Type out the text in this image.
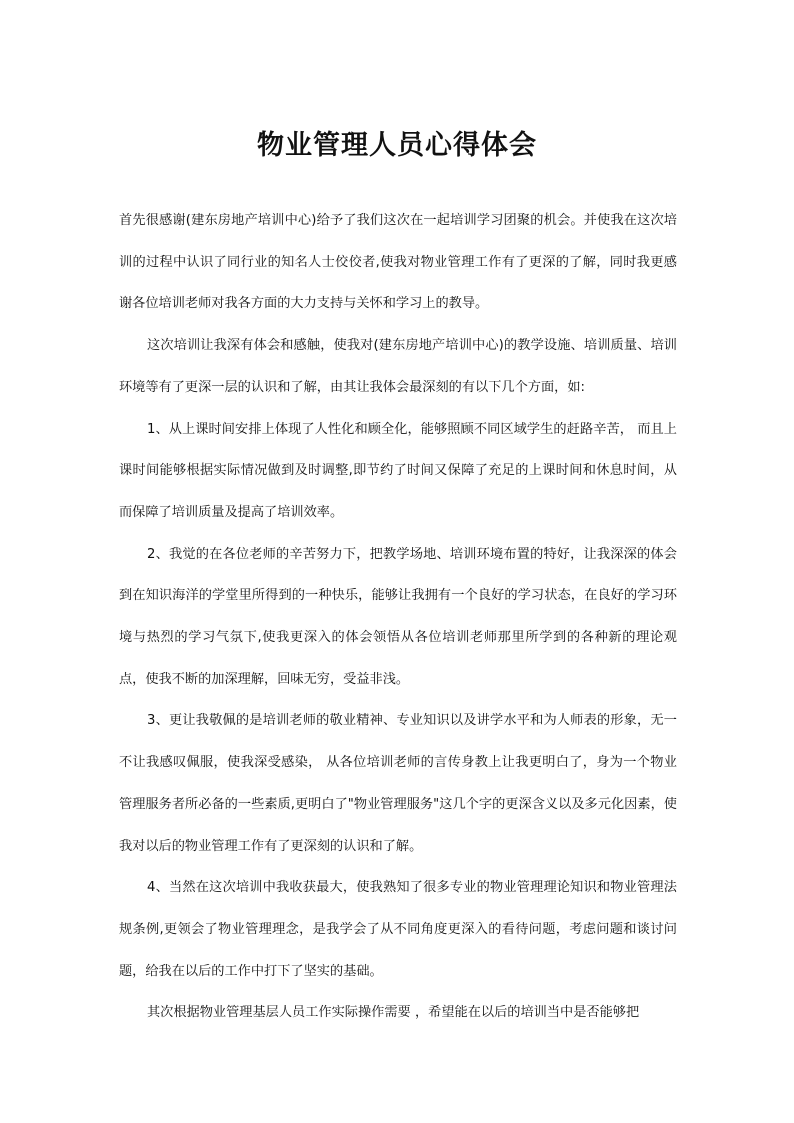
物业管理人员心得体会

首先很感谢(建东房地产培训中心)给予了我们这次在一起培训学习团聚的机会。并使我在这次培训的过程中认识了同行业的知名人士佼佼者,使我对物业管理工作有了更深的了解，同时我更感谢各位培训老师对我各方面的大力支持与关怀和学习上的教导。

这次培训让我深有体会和感触，使我对(建东房地产培训中心)的教学设施、培训质量、培训环境等有了更深一层的认识和了解，由其让我体会最深刻的有以下几个方面，如:

1、从上课时间安排上体现了人性化和顾全化，能够照顾不同区域学生的赶路辛苦， 而且上课时间能够根据实际情况做到及时调整,即节约了时间又保障了充足的上课时间和休息时间，从而保障了培训质量及提高了培训效率。

2、我觉的在各位老师的辛苦努力下，把教学场地、培训环境布置的特好，让我深深的体会到在知识海洋的学堂里所得到的一种快乐，能够让我拥有一个良好的学习状态，在良好的学习环境与热烈的学习气氛下,使我更深入的体会领悟从各位培训老师那里所学到的各种新的理论观点，使我不断的加深理解，回味无穷，受益非浅。

3、更让我敬佩的是培训老师的敬业精神、专业知识以及讲学水平和为人师表的形象，无一不让我感叹佩服，使我深受感染， 从各位培训老师的言传身教上让我更明白了，身为一个物业管理服务者所必备的一些素质,更明白了"物业管理服务"这几个字的更深含义以及多元化因素，使我对以后的物业管理工作有了更深刻的认识和了解。

4、当然在这次培训中我收获最大，使我熟知了很多专业的物业管理理论知识和物业管理法规条例,更领会了物业管理理念，是我学会了从不同角度更深入的看待问题，考虑问题和谈讨问题，给我在以后的工作中打下了坚实的基础。

其次根据物业管理基层人员工作实际操作需要 ，希望能在以后的培训当中是否能够把
